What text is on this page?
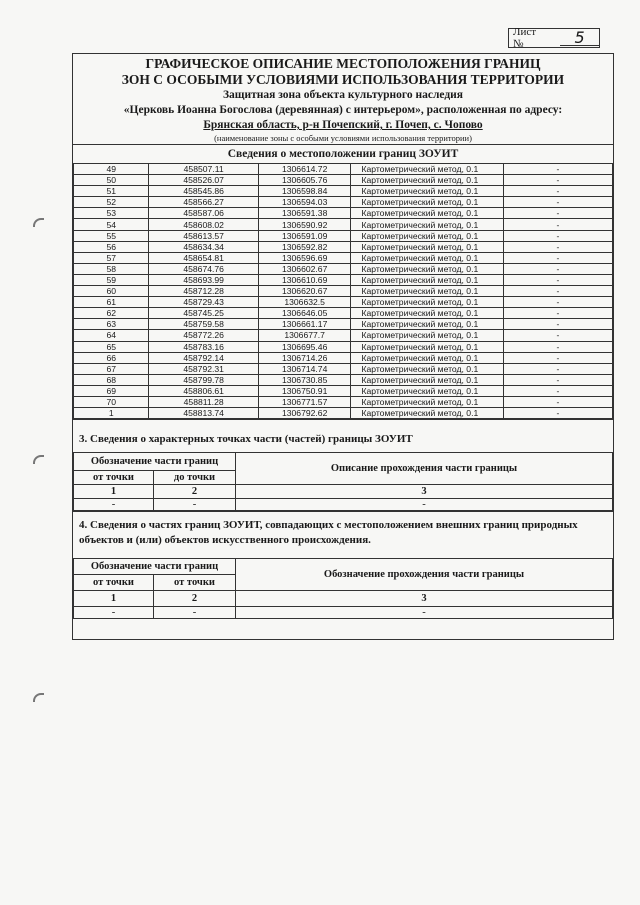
Лист №	5
ГРАФИЧЕСКОЕ ОПИСАНИЕ МЕСТОПОЛОЖЕНИЯ ГРАНИЦ
ЗОН С ОСОБЫМИ УСЛОВИЯМИ ИСПОЛЬЗОВАНИЯ ТЕРРИТОРИИ
Защитная зона объекта культурного наследия
«Церковь Иоанна Богослова (деревянная) с интерьером», расположенная по адресу:
Брянская область, р-н Почепский, г. Почеп, с. Чопово
(наименование зоны с особыми условиями использования территории)
Сведения о местоположении границ ЗОУИТ
49	458507.11	1306614.72	Картометрический метод, 0.1	-
50	458526.07	1306605.76	Картометрический метод, 0.1	-
51	458545.86	1306598.84	Картометрический метод, 0.1	-
52	458566.27	1306594.03	Картометрический метод, 0.1	-
53	458587.06	1306591.38	Картометрический метод, 0.1	-
54	458608.02	1306590.92	Картометрический метод, 0.1	-
55	458613.57	1306591.09	Картометрический метод, 0.1	-
56	458634.34	1306592.82	Картометрический метод, 0.1	-
57	458654.81	1306596.69	Картометрический метод, 0.1	-
58	458674.76	1306602.67	Картометрический метод, 0.1	-
59	458693.99	1306610.69	Картометрический метод, 0.1	-
60	458712.28	1306620.67	Картометрический метод, 0.1	-
61	458729.43	1306632.5	Картометрический метод, 0.1	-
62	458745.25	1306646.05	Картометрический метод, 0.1	-
63	458759.58	1306661.17	Картометрический метод, 0.1	-
64	458772.26	1306677.7	Картометрический метод, 0.1	-
65	458783.16	1306695.46	Картометрический метод, 0.1	-
66	458792.14	1306714.26	Картометрический метод, 0.1	-
67	458792.31	1306714.74	Картометрический метод, 0.1	-
68	458799.78	1306730.85	Картометрический метод, 0.1	-
69	458806.61	1306750.91	Картометрический метод, 0.1	-
70	458811.28	1306771.57	Картометрический метод, 0.1	-
1	458813.74	1306792.62	Картометрический метод, 0.1	-
3. Сведения о характерных точках части (частей) границы ЗОУИТ
Обозначение части границ		Описание прохождения части границы
от точки	до точки	
1	2	3
-	-	-
4. Сведения о частях границ ЗОУИТ, совпадающих с местоположением внешних границ природных объектов и (или) объектов искусственного происхождения.
Обозначение части границ		Обозначение прохождения части границы
от точки	от точки	
1	2	3
-	-	-
